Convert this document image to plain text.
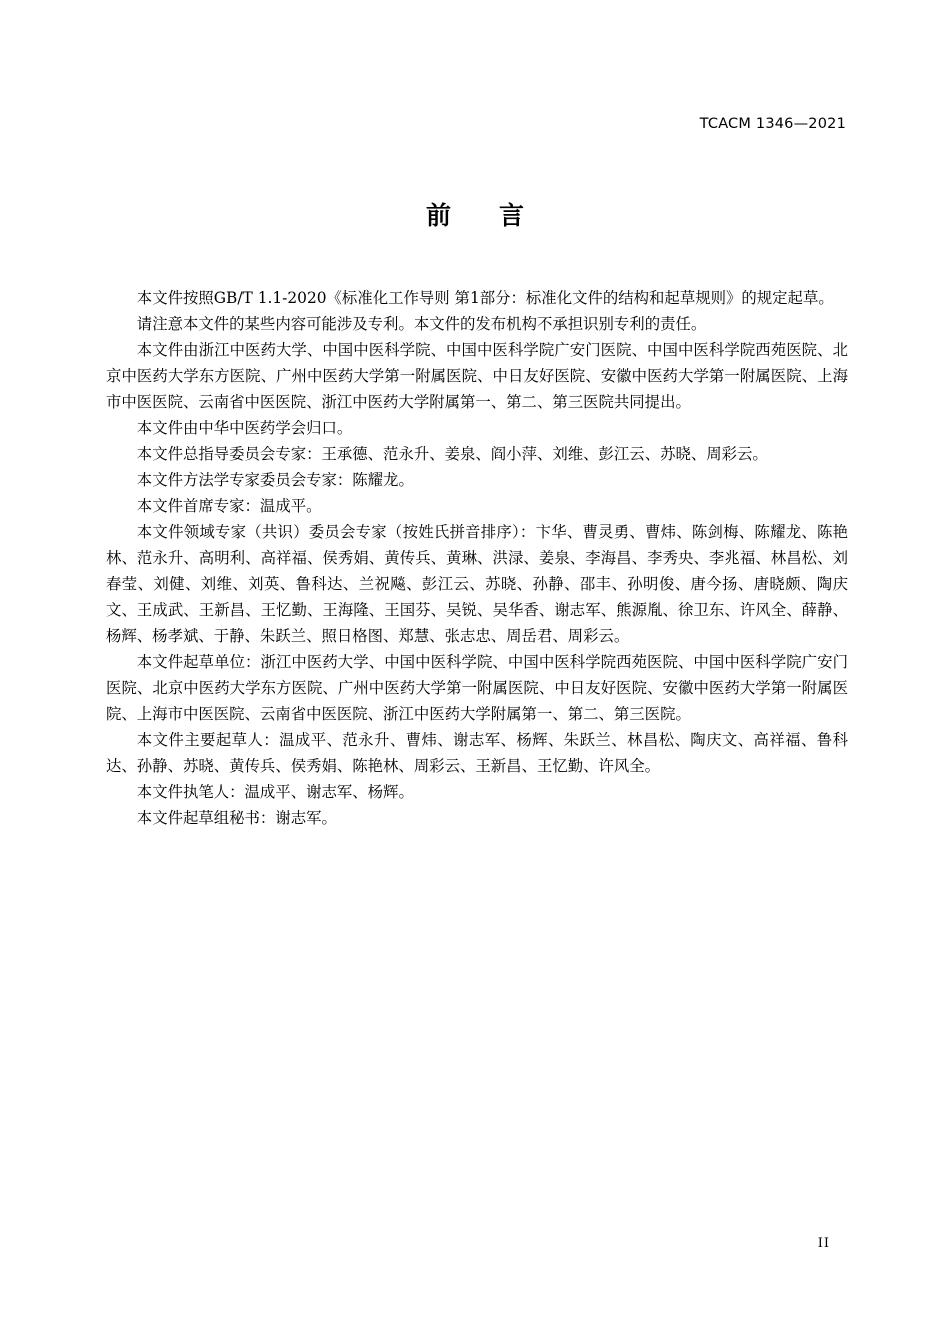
TCACM 1346—2021
前言

本文件按照GB/T 1.1-2020《标准化工作导则 第1部分：标准化文件的结构和起草规则》的规定起草。

请注意本文件的某些内容可能涉及专利。本文件的发布机构不承担识别专利的责任。

本文件由浙江中医药大学、中国中医科学院、中国中医科学院广安门医院、中国中医科学院西苑医院、北京中医药大学东方医院、广州中医药大学第一附属医院、中日友好医院、安徽中医药大学第一附属医院、上海市中医医院、云南省中医医院、浙江中医药大学附属第一、第二、第三医院共同提出。

本文件由中华中医药学会归口。

本文件总指导委员会专家：王承德、范永升、姜泉、阎小萍、刘维、彭江云、苏晓、周彩云。

本文件方法学专家委员会专家：陈耀龙。

本文件首席专家：温成平。

本文件领域专家（共识）委员会专家（按姓氏拼音排序）：卞华、曹灵勇、曹炜、陈剑梅、陈耀龙、陈艳林、范永升、高明利、高祥福、侯秀娟、黄传兵、黄琳、洪渌、姜泉、李海昌、李秀央、李兆福、林昌松、刘春莹、刘健、刘维、刘英、鲁科达、兰祝飚、彭江云、苏晓、孙静、邵丰、孙明俊、唐今扬、唐晓颇、陶庆文、王成武、王新昌、王忆勤、王海隆、王国芬、吴锐、吴华香、谢志军、熊源胤、徐卫东、许风全、薛静、杨辉、杨孝斌、于静、朱跃兰、照日格图、郑慧、张志忠、周岳君、周彩云。

本文件起草单位：浙江中医药大学、中国中医科学院、中国中医科学院西苑医院、中国中医科学院广安门医院、北京中医药大学东方医院、广州中医药大学第一附属医院、中日友好医院、安徽中医药大学第一附属医院、上海市中医医院、云南省中医医院、浙江中医药大学附属第一、第二、第三医院。

本文件主要起草人：温成平、范永升、曹炜、谢志军、杨辉、朱跃兰、林昌松、陶庆文、高祥福、鲁科达、孙静、苏晓、黄传兵、侯秀娟、陈艳林、周彩云、王新昌、王忆勤、许风全。

本文件执笔人：温成平、谢志军、杨辉。

本文件起草组秘书：谢志军。

II
